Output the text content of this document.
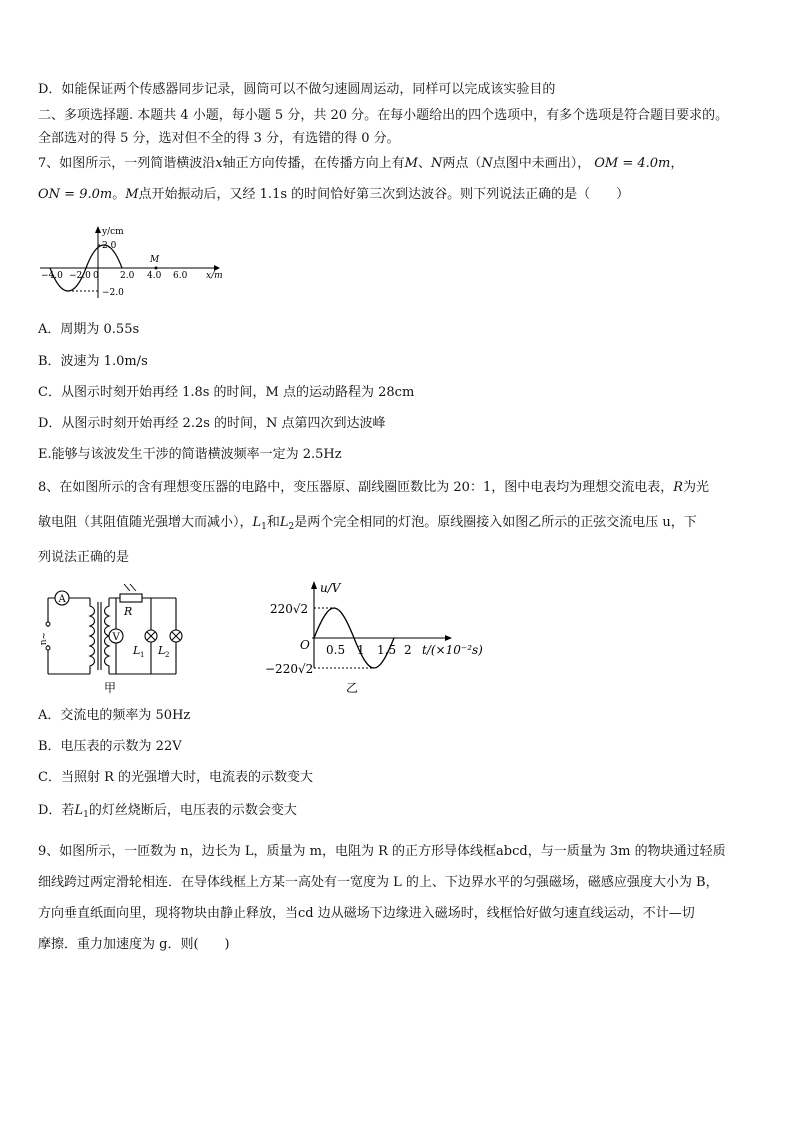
D．如能保证两个传感器同步记录，圆筒可以不做匀速圆周运动，同样可以完成该实验目的
二、多项选择题. 本题共 4 小题，每小题 5 分，共 20 分。在每小题给出的四个选项中，有多个选项是符合题目要求的。
全部选对的得 5 分，选对但不全的得 3 分，有选错的得 0 分。
7、如图所示，一列简谐横波沿x轴正方向传播，在传播方向上有M、N两点（N点图中未画出）， OM = 4.0m，
ON = 9.0m。M点开始振动后，又经 1.1s 的时间恰好第三次到达波谷。则下列说法正确的是（　　）
y/cm
2.0
−2.0
M
−4.0 −2.0 0 2.0 4.0 6.0 x/m
A．周期为 0.55s
B．波速为 1.0m/s
C．从图示时刻开始再经 1.8s 的时间，M 点的运动路程为 28cm
D．从图示时刻开始再经 2.2s 的时间，N 点第四次到达波峰
E.能够与该波发生干涉的简谐横波频率一定为 2.5Hz
8、在如图所示的含有理想变压器的电路中，变压器原、副线圈匝数比为 20：1，图中电表均为理想交流电表，R为光
敏电阻（其阻值随光强增大而减小），$L_1$和$L_2$是两个完全相同的灯泡。原线圈接入如图乙所示的正弦交流电压 u，下
列说法正确的是
A
~u
R
V
L 1 L 2
甲
u/V
220√2
−220√2
O 0.5 1 1.5 2 t/(×10⁻²s)
乙
A．交流电的频率为 50Hz
B．电压表的示数为 22V
C．当照射 R 的光强增大时，电流表的示数变大
D．若$L_1$的灯丝烧断后，电压表的示数会变大
9、如图所示，一匝数为 n，边长为 L，质量为 m，电阻为 R 的正方形导体线框abcd，与一质量为 3m 的物块通过轻质
细线跨过两定滑轮相连．在导体线框上方某一高处有一宽度为 L 的上、下边界水平的匀强磁场，磁感应强度大小为 B，
方向垂直纸面向里，现将物块由静止释放，当cd 边从磁场下边缘进入磁场时，线框恰好做匀速直线运动，不计—切
摩擦．重力加速度为 g．则(　　)
